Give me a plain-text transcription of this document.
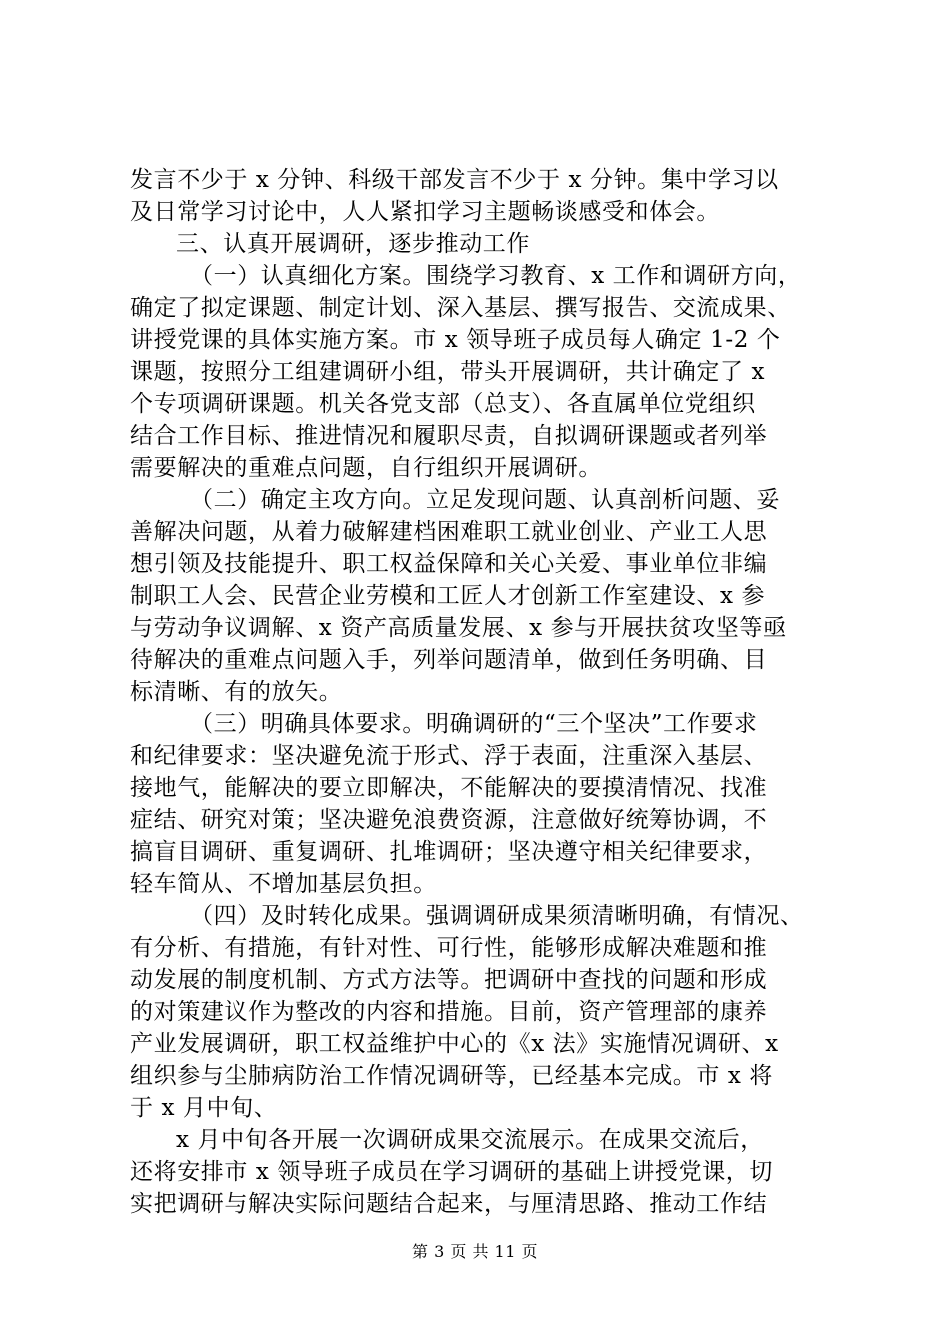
发言不少于 x 分钟、科级干部发言不少于 x 分钟。集中学习以
及日常学习讨论中，人人紧扣学习主题畅谈感受和体会。
三、认真开展调研，逐步推动工作
（一）认真细化方案。围绕学习教育、x 工作和调研方向，
确定了拟定课题、制定计划、深入基层、撰写报告、交流成果、
讲授党课的具体实施方案。市 x 领导班子成员每人确定 1-2 个
课题，按照分工组建调研小组，带头开展调研，共计确定了 x
个专项调研课题。机关各党支部（总支）、各直属单位党组织
结合工作目标、推进情况和履职尽责，自拟调研课题或者列举
需要解决的重难点问题，自行组织开展调研。
（二）确定主攻方向。立足发现问题、认真剖析问题、妥
善解决问题，从着力破解建档困难职工就业创业、产业工人思
想引领及技能提升、职工权益保障和关心关爱、事业单位非编
制职工人会、民营企业劳模和工匠人才创新工作室建设、x 参
与劳动争议调解、x 资产高质量发展、x 参与开展扶贫攻坚等亟
待解决的重难点问题入手，列举问题清单，做到任务明确、目
标清晰、有的放矢。
（三）明确具体要求。明确调研的“三个坚决”工作要求
和纪律要求：坚决避免流于形式、浮于表面，注重深入基层、
接地气，能解决的要立即解决，不能解决的要摸清情况、找准
症结、研究对策；坚决避免浪费资源，注意做好统筹协调，不
搞盲目调研、重复调研、扎堆调研；坚决遵守相关纪律要求，
轻车简从、不增加基层负担。
（四）及时转化成果。强调调研成果须清晰明确，有情况、
有分析、有措施，有针对性、可行性，能够形成解决难题和推
动发展的制度机制、方式方法等。把调研中查找的问题和形成
的对策建议作为整改的内容和措施。目前，资产管理部的康养
产业发展调研，职工权益维护中心的《x 法》实施情况调研、x
组织参与尘肺病防治工作情况调研等，已经基本完成。市 x 将
于 x 月中旬、
x 月中旬各开展一次调研成果交流展示。在成果交流后，
还将安排市 x 领导班子成员在学习调研的基础上讲授党课，切
实把调研与解决实际问题结合起来，与厘清思路、推动工作结
第 3 页 共 11 页
